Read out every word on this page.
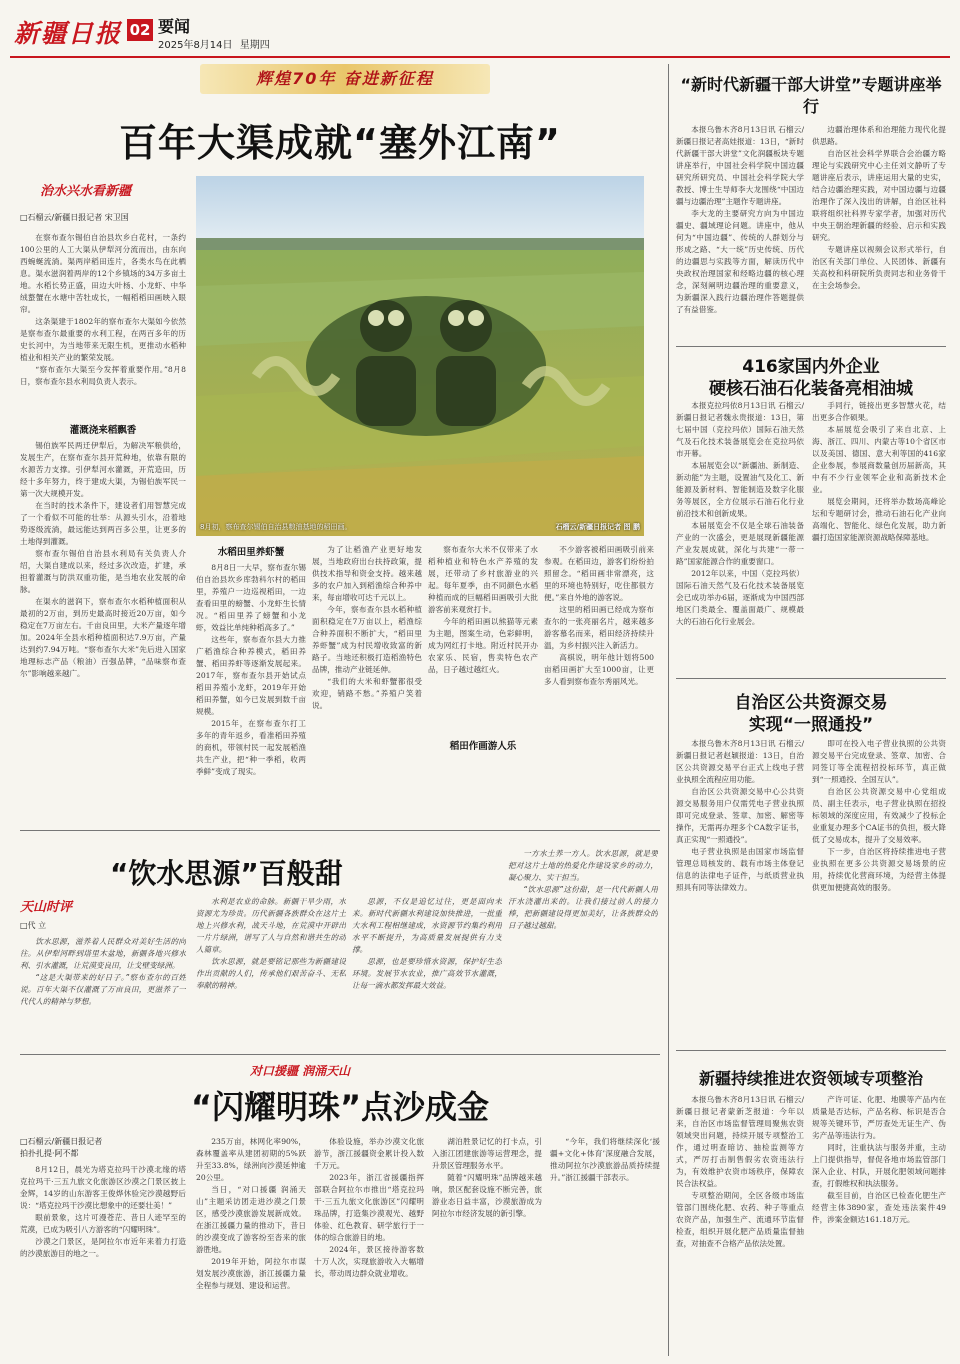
新疆日报 02 要闻
2025年8月14日 星期四
辉煌70年 奋进新征程
百年大渠成就“塞外江南”
治水兴水看新疆
□石榴云/新疆日报记者 宋卫国

在察布查尔锡伯自治县坎乡白花村，一条约100公里的人工大渠从伊犁河分流而出，由东向西蜿蜒流淌。渠两岸稻田连片，各类水鸟在此栖息。渠水滋润着两岸的12个乡镇场的34万多亩土地。水稻长势正盛，田边大叶杨、小龙虾、中华绒螯蟹在水塘中苦牡成长，一幅稻稻田画映入眼帘。

这条渠建于1802年的察布查尔大渠如今依然是察布查尔最重要的水利工程，在两百多年的历史长河中，为当地带来无限生机，更推动水稻种植业和相关产业的繁荣发展。

“察布查尔大渠至今发挥着重要作用。”8月8日，察布查尔县水利局负责人表示。

灌溉浇来稻飘香

锡伯族军民两迁伊犁后，为解决军粮供给，发展生产，在察布查尔县开荒种地，依靠有限的水源苦力支撑。引伊犁河水灌溉，开荒造田，历经十多年努力，终于建成大渠，为锡伯族军民一第一次大规模开发。

在当时的技术条件下，建设者们用智慧完成了一个看似不可能的壮举：从源头引水，沿着地势逐级流淌，最远能达到两百多公里，让更多的土地得到灌溉。

察布查尔锡伯自治县水利局有关负责人介绍，大渠自建成以来，经过多次改造，扩建，承担着灌溉与防洪双重功能，是当地农业发展的命脉。

在渠水的滋润下，察布查尔水稻种植面积从最初的2万亩，到历史最高时接近20万亩，如今稳定在7万亩左右。千亩良田里，大米产量逐年增加。2024年全县水稻种植面积达7.9万亩，产量达到约7.94万吨。“察布查尔大米”先后进入国家地理标志产品（粮油）百强品牌，“品味察布查尔”影响越来越广。

8月初，察布查尔锡伯自治县粮油基地的稻田画。	石榴云/新疆日报记者 图 鹏
水稻田里养虾蟹

8月8日一大早，察布查尔锡伯自治县坎乡库勃科尔村的稻田里，养殖户一边巡视稻田，一边查看田里的螃蟹、小龙虾生长情况。“稻田里养了螃蟹和小龙虾，效益比单纯种稻高多了。”

这些年，察布查尔县大力推广稻渔综合种养模式，稻田养蟹、稻田养虾等逐渐发展起来。2017年，察布查尔县开始试点稻田养殖小龙虾，2019年开始稻田养蟹，如今已发展到数千亩规模。

2015年，在察布查尔打工多年的青年返乡，看准稻田养殖的商机，带领村民一起发展稻渔共生产业，把“种一季稻，收两季鲜”变成了现实。

为了让稻渔产业更好地发展，当地政府出台扶持政策，提供技术指导和资金支持。越来越多的农户加入到稻渔综合种养中来，每亩增收可达千元以上。

今年，察布查尔县水稻种植面积稳定在7万亩以上，稻渔综合种养面积不断扩大，“稻田里养虾蟹”成为村民增收致富的新路子。当地还积极打造稻渔特色品牌，推动产业链延伸。

“我们的大米和虾蟹都很受欢迎，销路不愁。”养殖户笑着说。

察布查尔大米不仅带来了水稻种植业和特色水产养殖的发展，还带动了乡村旅游业的兴起。每年夏季，由不同颜色水稻种植而成的巨幅稻田画吸引大批游客前来观赏打卡。

今年的稻田画以熊猫等元素为主题，图案生动，色彩鲜明，成为网红打卡地。附近村民开办农家乐、民宿，售卖特色农产品，日子越过越红火。

稻田作画游人乐

不少游客被稻田画吸引前来参观。在稻田边，游客们纷纷拍照留念。“稻田画非常漂亮，这里的环境也特别好，吃住都很方便。”来自外地的游客说。

这里的稻田画已经成为察布查尔的一张亮丽名片，越来越多游客慕名而来，稻田经济持续升温，为乡村振兴注入新活力。

高棋说，明年他计划将500亩稻田画扩大至1000亩，让更多人看到察布查尔秀丽风光。

“饮水思源”百般甜
天山时评
□代 立

饮水思源，滋养着人民群众对美好生活的向往。从伊犁河畔到塔里木盆地，新疆各地兴修水利、引水灌溉，让荒漠变良田，让戈壁变绿洲。

“这是大渠带来的好日子。”察布查尔的百姓说。百年大渠不仅灌溉了万亩良田，更滋养了一代代人的精神与梦想。

水利是农业的命脉。新疆干旱少雨，水资源尤为珍贵。历代新疆各族群众在这片土地上兴修水利，战天斗地，在荒漠中开辟出一片片绿洲，谱写了人与自然和谐共生的动人篇章。

饮水思源，就是要铭记那些为新疆建设作出贡献的人们，传承他们艰苦奋斗、无私奉献的精神。

思源，不仅是追忆过往，更是面向未来。新时代新疆水利建设加快推进，一批重大水利工程相继建成，水资源节约集约利用水平不断提升，为高质量发展提供有力支撑。

思源，也是要珍惜水资源，保护好生态环境。发展节水农业，推广高效节水灌溉，让每一滴水都发挥最大效益。

一方水土养一方人。饮水思源，就是要把对这片土地的热爱化作建设家乡的动力，凝心聚力、实干担当。

“饮水思源”这份甜，是一代代新疆人用汗水浇灌出来的。让我们接过前人的接力棒，把新疆建设得更加美好，让各族群众的日子越过越甜。

对口援疆 润涌天山
“闪耀明珠”点沙成金
□石榴云/新疆日报记者
拍扑扎提·阿不都

8月12日，晨光为塔克拉玛干沙漠北缘的塔克拉玛干·三五九旅文化旅游区沙漠之门景区披上金辉，14岁的山东游客王俊烨休验完沙漠越野后说：“塔克拉玛干沙漠比想象中的还要壮美！”

眼前景象，这片可漫苍茫、昔日人迹罕至的荒漠，已成为吸引八方游客的“闪耀明珠”。

沙漠之门景区，是阿拉尔市近年来着力打造的沙漠旅游目的地之一。

235万亩，林网化率90%，森林覆盖率从建团初期的5%跃升至33.8%，绿洲向沙漠延伸逾20公里。

当日，“对口援疆 润涌天山”主题采访团走进沙漠之门景区，感受沙漠旅游发展新成效。在浙江援疆力量的推动下，昔日的沙漠变成了游客纷至沓来的旅游胜地。

2019年开始，阿拉尔市谋划发展沙漠旅游，浙江援疆力量全程参与规划、建设和运营。

体验设施，举办沙漠文化旅游节，浙江援疆资金累计投入数千万元。

2023年，浙江省援疆指挥部联合阿拉尔市推出“塔克拉玛干·三五九旅文化旅游区”闪耀明珠品牌，打造集沙漠观光、越野体验、红色教育、研学旅行于一体的综合旅游目的地。

2024年，景区接待游客数十万人次，实现旅游收入大幅增长，带动周边群众就业增收。

湖泊胜景记忆的打卡点，引入浙江团建旅游等运营理念，提升景区管理服务水平。

随着“闪耀明珠”品牌越来越响，景区配套设施不断完善，旅游业态日益丰富，沙漠旅游成为阿拉尔市经济发展的新引擎。

“今年，我们将继续深化‘援疆+文化+体育’深度融合发展，推动阿拉尔沙漠旅游品质持续提升。”浙江援疆干部表示。

“新时代新疆干部大讲堂”专题讲座举行

本报乌鲁木齐8月13日讯 石榴云/新疆日报记者高娃报道：13日，“新时代新疆干部大讲堂”文化润疆板块专题讲座举行，中国社会科学院中国边疆研究所研究员、中国社会科学院大学教授、博士生导师李大龙围绕“中国边疆与边疆治理”主题作专题讲座。

李大龙的主要研究方向为中国边疆史、疆域理论问题。讲座中，他从何为“中国边疆”、传统的人群划分与形成之路、“大一统”历史传统、历代的边疆思与实践等方面，解读历代中央政权治理国家和经略边疆的核心理念，深刻阐明边疆治理的重要意义，为新疆深入践行边疆治理作答题提供了有益借鉴。

边疆治理体系和治理能力现代化提供思路。

自治区社会科学界联合会治疆方略理论与实践研究中心主任刘文静听了专题讲座后表示，讲座运用大量的史实，结合边疆治理实践，对中国边疆与边疆治理作了深入浅出的讲解，自治区社科联将组织社科界专家学者，加强对历代中央王朝治理新疆的经验、启示和实践研究。

专题讲座以视频会议形式举行，自治区有关部门单位、人民团体、新疆有关高校和科研院所负责同志和业务骨干在主会场参会。

416家国内外企业
硬核石油石化装备亮相油城

本报克拉玛依8月13日讯 石榴云/新疆日报记者魏永贵报道：13日，第七届中国（克拉玛依）国际石油天然气及石化技术装备展览会在克拉玛依市开幕。

本届展览会以“新疆油、新制造、新动能”为主题，设置油气及化工、新能源及新材料、智能制造及数字化服务等展区，全方位展示石油石化行业前沿技术和创新成果。

本届展览会不仅是全球石油装备产业的一次盛会，更是展现新疆能源产业发展成就，深化与共建“一带一路”国家能源合作的重要窗口。

2012年以来，中国（克拉玛依）国际石油天然气及石化技术装备展览会已成功举办6届，逐渐成为中国西部地区门类最全、覆盖面最广、规模最大的石油石化行业展会。

手同行，链接出更多智慧火花，结出更多合作硕果。

本届展览会吸引了来自北京、上海、浙江、四川、内蒙古等10个省区市以及美国、德国、意大利等国的416家企业参展，参展商数量创历届新高，其中有不少行业领军企业和高新技术企业。

展览会期间，还将举办数场高峰论坛和专题研讨会，推动石油石化产业向高端化、智能化、绿色化发展，助力新疆打造国家能源资源战略保障基地。

自治区公共资源交易
实现“一照通投”

本报乌鲁木齐8月13日讯 石榴云/新疆日报记者赵颖报道：13日，自治区公共资源交易平台正式上线电子营业执照全流程应用功能。

自治区公共资源交易中心公共资源交易服务用户仅需凭电子营业执照即可完成登录、签章、加密、解密等操作，无需再办理多个CA数字证书，真正实现“一照通投”。

电子营业执照是由国家市场监督管理总局核发的、载有市场主体登记信息的法律电子证件，与纸质营业执照具有同等法律效力。

即可在投入电子营业执照的公共资源交易平台完成登录、签章、加密、合同签订等全流程招投标环节，真正做到“一照通投、全国互认”。

自治区公共资源交易中心党组成员、副主任表示，电子营业执照在招投标领域的深度应用，有效减少了投标企业重复办理多个CA证书的负担，极大降低了交易成本，提升了交易效率。

下一步，自治区将持续推进电子营业执照在更多公共资源交易场景的应用，持续优化营商环境，为经营主体提供更加便捷高效的服务。

新疆持续推进农资领域专项整治

本报乌鲁木齐8月13日讯 石榴云/新疆日报记者蒙新芝报道：今年以来，自治区市场监督管理局聚焦农资领域突出问题，持续开展专项整治工作，通过明查暗访、抽检监测等方式，严厉打击制售假劣农资违法行为，有效维护农资市场秩序，保障农民合法权益。

专项整治期间，全区各级市场监管部门围绕化肥、农药、种子等重点农资产品，加强生产、流通环节监督检查，组织开展化肥产品质量监督抽查，对抽查不合格产品依法处置。

产许可证、化肥、地膜等产品内在质量是否达标，产品名称、标识是否合规等关键环节，严厉查处无证生产、伪劣产品等违法行为。

同时，注重执法与服务并重，主动上门提供指导，督促各地市场监管部门深入企业、村队，开展化肥领域问题排查，打假维权和执法服务。

截至目前，自治区已检查化肥生产经营主体3890家，查处违法案件49件，涉案金额达161.18万元。
